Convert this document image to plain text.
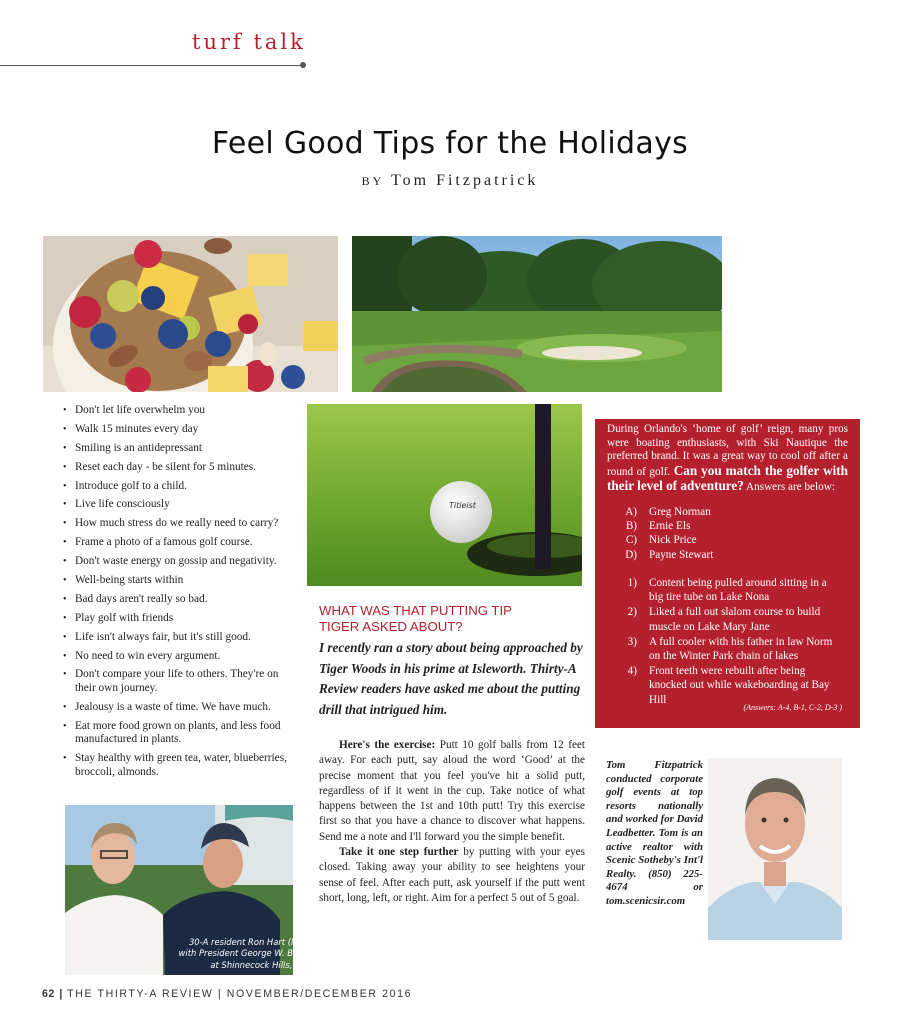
turf talk
Feel Good Tips for the Holidays
BY Tom Fitzpatrick
• Don't let life overwhelm you
• Walk 15 minutes every day
• Smiling is an antidepressant
• Reset each day - be silent for 5 minutes.
• Introduce golf to a child.
• Live life consciously
• How much stress do we really need to carry?
• Frame a photo of a famous golf course.
• Don't waste energy on gossip and negativity.
• Well-being starts within
• Bad days aren't really so bad.
• Play golf with friends
• Life isn't always fair, but it's still good.
• No need to win every argument.
• Don't compare your life to others. They're on their own journey.
• Jealousy is a waste of time. We have much.
• Eat more food grown on plants, and less food manufactured in plants.
• Stay healthy with green tea, water, blueberries, broccoli, almonds.
Titleist
WHAT WAS THAT PUTTING TIP
TIGER ASKED ABOUT?
I recently ran a story about being approached by Tiger Woods in his prime at Isleworth. Thirty-A Review readers have asked me about the putting drill that intrigued him.

Here's the exercise: Putt 10 golf balls from 12 feet away. For each putt, say aloud the word ‘Good’ at the precise moment that you feel you've hit a solid putt, regardless of if it went in the cup. Take notice of what happens between the 1st and 10th putt! Try this exercise first so that you have a chance to discover what happens. Send me a note and I'll forward you the simple benefit.

Take it one step further by putting with your eyes closed. Taking away your ability to see heightens your sense of feel. After each putt, ask yourself if the putt went short, long, left, or right. Aim for a perfect 5 out of 5 goal.

During Orlando's ‘home of golf’ reign, many pros were boating enthusiasts, with Ski Nautique the preferred brand. It was a great way to cool off after a round of golf. Can you match the golfer with their level of adventure? Answers are below:
A)	Greg Norman
B)	Ernie Els
C)	Nick Price
D)	Payne Stewart
1)	Content being pulled around sitting in a big tire tube on Lake Nona
2)	Liked a full out slalom course to build muscle on Lake Mary Jane
3)	A full cooler with his father in law Norm on the Winter Park chain of lakes
4)	Front teeth were rebuilt after being knocked out while wakeboarding at Bay Hill
(Answers: A-4, B-1, C-2, D-3 )
Tom Fitzpatrick conducted corporate golf events at top resorts nationally and worked for David Leadbetter. Tom is an active realtor with Scenic Sotheby's Int'l Realty. (850) 225-4674 or tom.scenicsir.com
30-A resident Ron Hart (left)
with President George W. Bush
at Shinnecock Hills, NY.
62 | THE THIRTY-A REVIEW | NOVEMBER/DECEMBER 2016
